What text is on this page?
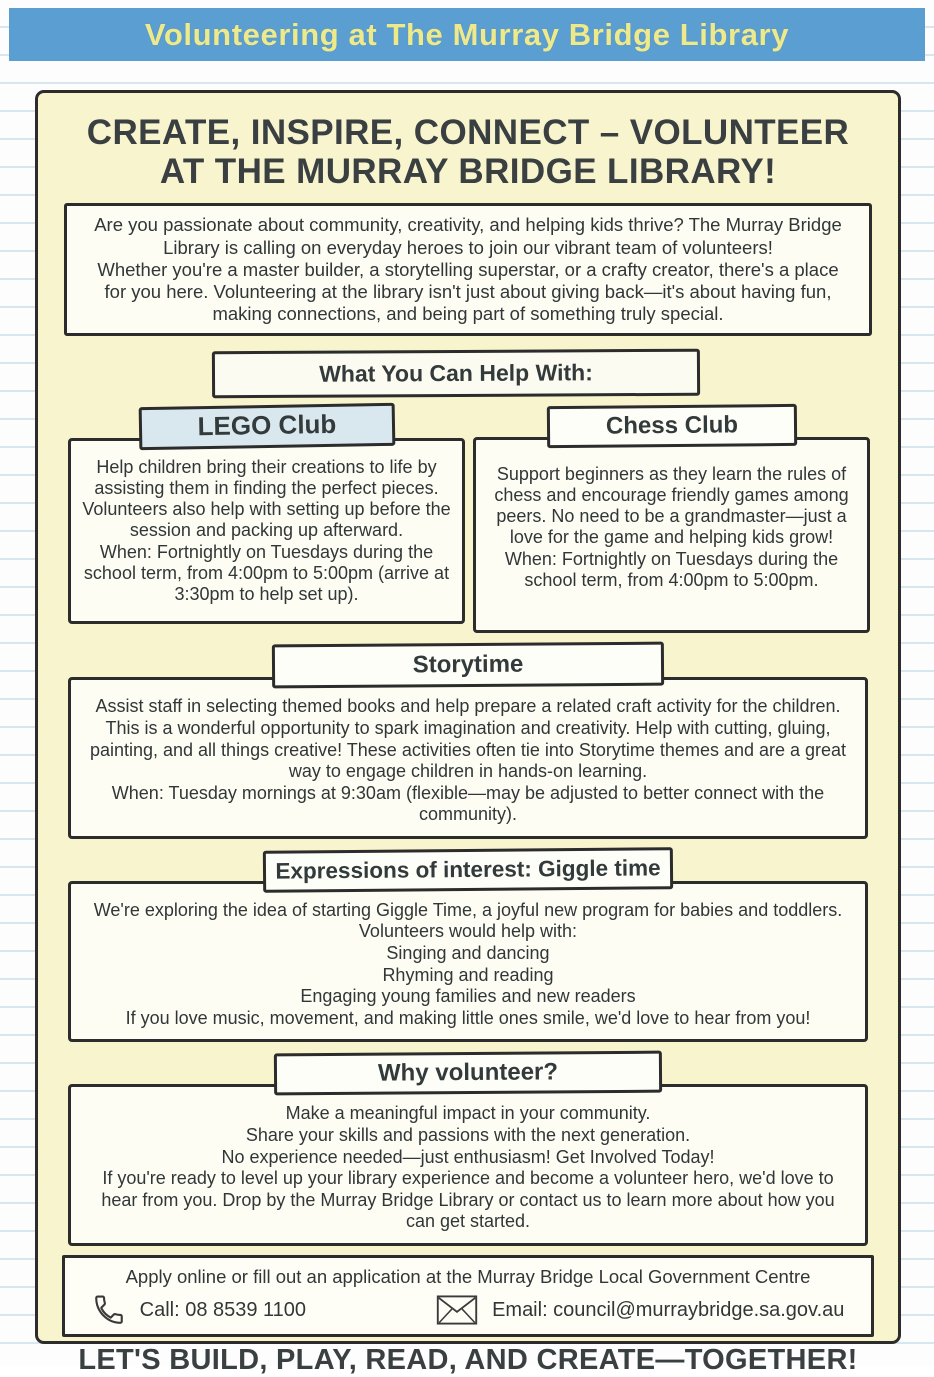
Volunteering at The Murray Bridge Library
CREATE, INSPIRE, CONNECT – VOLUNTEER
AT THE MURRAY BRIDGE LIBRARY!
Are you passionate about community, creativity, and helping kids thrive? The Murray Bridge Library is calling on everyday heroes to join our vibrant team of volunteers!
Whether you're a master builder, a storytelling superstar, or a crafty creator, there's a place for you here. Volunteering at the library isn't just about giving back—it's about having fun, making connections, and being part of something truly special.
What You Can Help With:
LEGO Club
Help children bring their creations to life by assisting them in finding the perfect pieces. Volunteers also help with setting up before the session and packing up afterward.
When: Fortnightly on Tuesdays during the school term, from 4:00pm to 5:00pm (arrive at 3:30pm to help set up).
Chess Club
Support beginners as they learn the rules of chess and encourage friendly games among peers. No need to be a grandmaster—just a love for the game and helping kids grow!
When: Fortnightly on Tuesdays during the school term, from 4:00pm to 5:00pm.
Storytime
Assist staff in selecting themed books and help prepare a related craft activity for the children. This is a wonderful opportunity to spark imagination and creativity. Help with cutting, gluing, painting, and all things creative! These activities often tie into Storytime themes and are a great way to engage children in hands-on learning.
When: Tuesday mornings at 9:30am (flexible—may be adjusted to better connect with the community).
Expressions of interest: Giggle time
We're exploring the idea of starting Giggle Time, a joyful new program for babies and toddlers. Volunteers would help with:
Singing and dancing
Rhyming and reading
Engaging young families and new readers
If you love music, movement, and making little ones smile, we'd love to hear from you!
Why volunteer?
Make a meaningful impact in your community.
Share your skills and passions with the next generation.
No experience needed—just enthusiasm! Get Involved Today!
If you're ready to level up your library experience and become a volunteer hero, we'd love to hear from you. Drop by the Murray Bridge Library or contact us to learn more about how you can get started.
Apply online or fill out an application at the Murray Bridge Local Government Centre
Call: 08 8539 1100	Email: council@murraybridge.sa.gov.au
LET'S BUILD, PLAY, READ, AND CREATE—TOGETHER!
